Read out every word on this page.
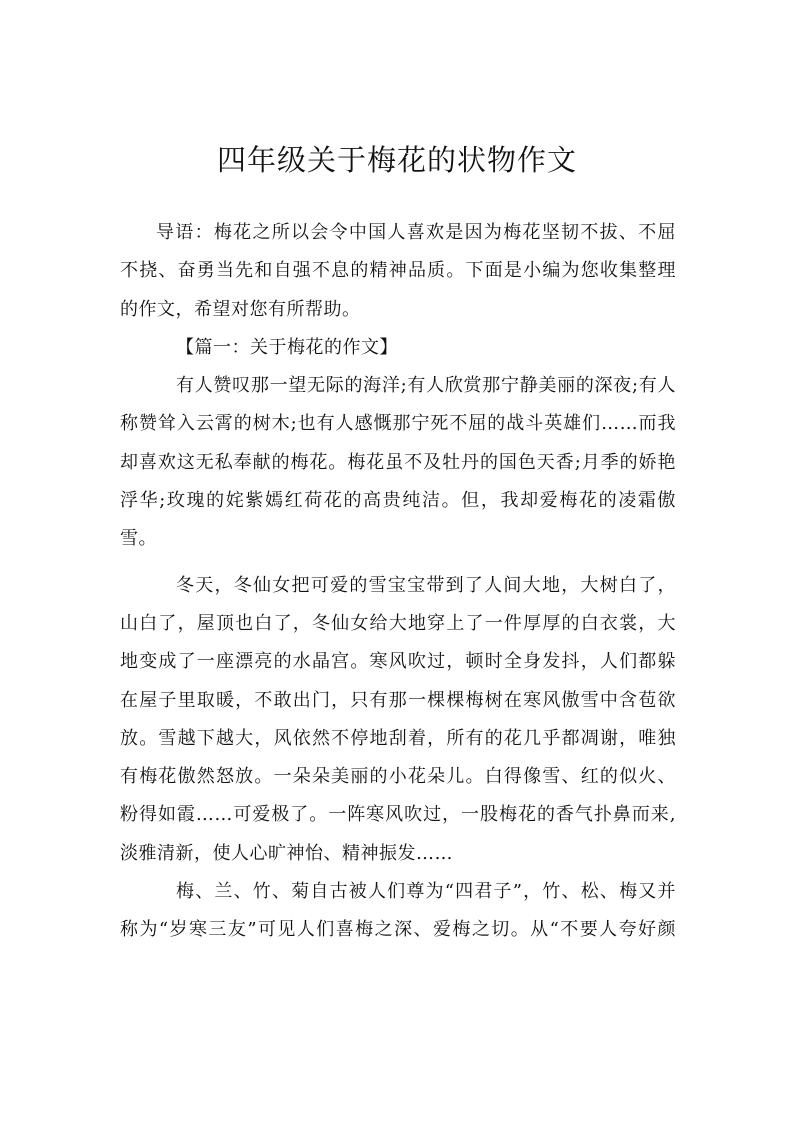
四年级关于梅花的状物作文
导语：梅花之所以会令中国人喜欢是因为梅花坚韧不拔、不屈
不挠、奋勇当先和自强不息的精神品质。下面是小编为您收集整理
的作文，希望对您有所帮助。
【篇一：关于梅花的作文】
有人赞叹那一望无际的海洋;有人欣赏那宁静美丽的深夜;有人
称赞耸入云霄的树木;也有人感慨那宁死不屈的战斗英雄们……而我
却喜欢这无私奉献的梅花。梅花虽不及牡丹的国色天香;月季的娇艳
浮华;玫瑰的姹紫嫣红荷花的高贵纯洁。但，我却爱梅花的凌霜傲
雪。
冬天，冬仙女把可爱的雪宝宝带到了人间大地，大树白了，
山白了，屋顶也白了，冬仙女给大地穿上了一件厚厚的白衣裳，大
地变成了一座漂亮的水晶宫。寒风吹过，顿时全身发抖，人们都躲
在屋子里取暖，不敢出门，只有那一棵棵梅树在寒风傲雪中含苞欲
放。雪越下越大，风依然不停地刮着，所有的花几乎都凋谢，唯独
有梅花傲然怒放。一朵朵美丽的小花朵儿。白得像雪、红的似火、
粉得如霞……可爱极了。一阵寒风吹过，一股梅花的香气扑鼻而来,
淡雅清新，使人心旷神怡、精神振发……
梅、兰、竹、菊自古被人们尊为“四君子”，竹、松、梅又并
称为“岁寒三友”可见人们喜梅之深、爱梅之切。从“不要人夸好颜
